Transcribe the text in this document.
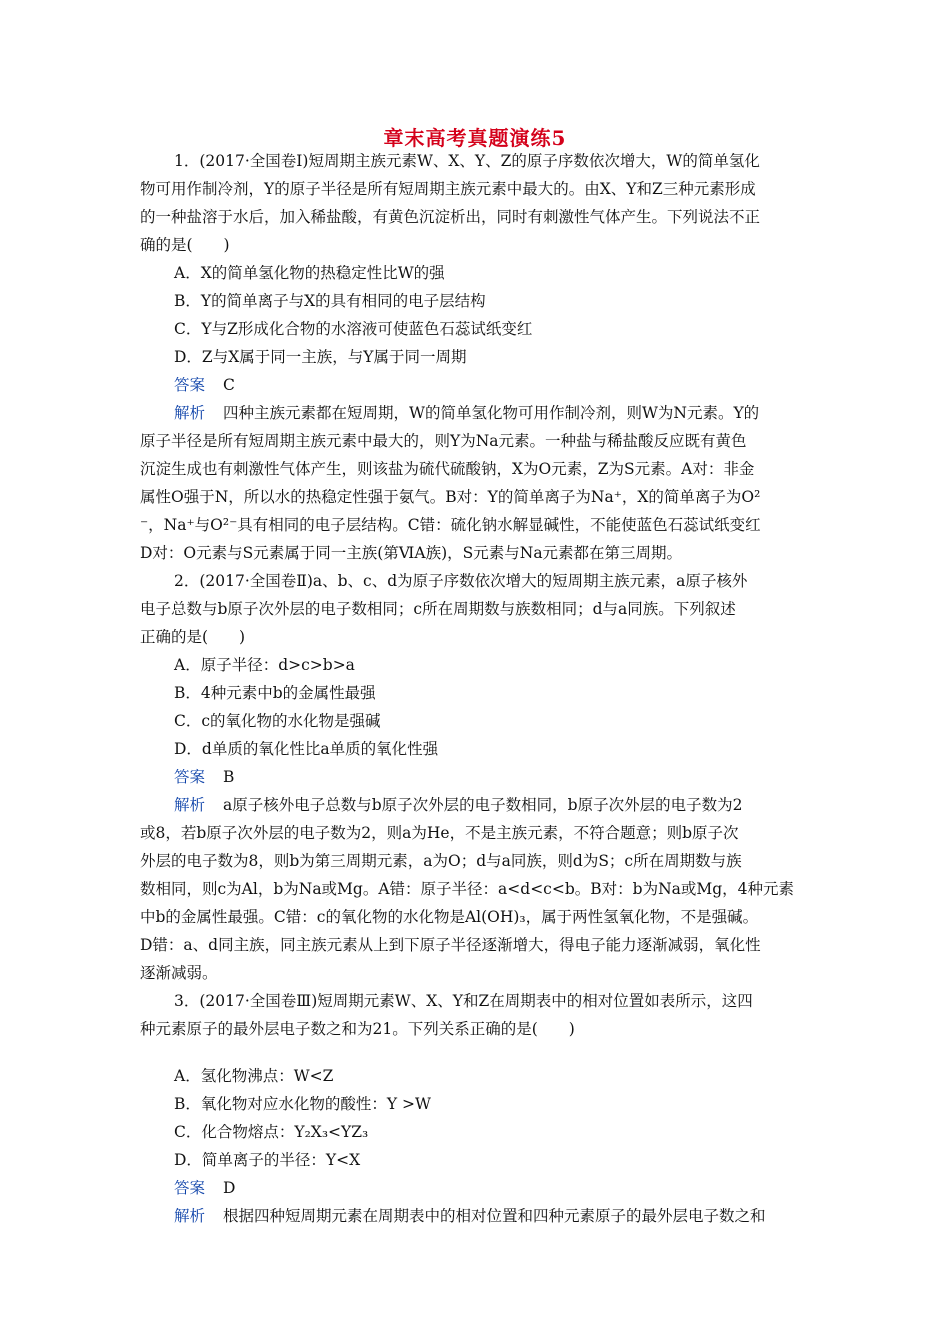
章末高考真题演练5
1．(2017·全国卷Ⅰ)短周期主族元素W、X、Y、Z的原子序数依次增大，W的简单氢化
物可用作制冷剂，Y的原子半径是所有短周期主族元素中最大的。由X、Y和Z三种元素形成
的一种盐溶于水后，加入稀盐酸，有黄色沉淀析出，同时有刺激性气体产生。下列说法不正
确的是(　　)
A．X的简单氢化物的热稳定性比W的强
B．Y的简单离子与X的具有相同的电子层结构
C．Y与Z形成化合物的水溶液可使蓝色石蕊试纸变红
D．Z与X属于同一主族，与Y属于同一周期
答案 C
解析 四种主族元素都在短周期，W的简单氢化物可用作制冷剂，则W为N元素。Y的
原子半径是所有短周期主族元素中最大的，则Y为Na元素。一种盐与稀盐酸反应既有黄色
沉淀生成也有刺激性气体产生，则该盐为硫代硫酸钠，X为O元素，Z为S元素。A对：非金
属性O强于N，所以水的热稳定性强于氨气。B对：Y的简单离子为Na⁺，X的简单离子为O²
⁻，Na⁺与O²⁻具有相同的电子层结构。C错：硫化钠水解显碱性，不能使蓝色石蕊试纸变红
D对：O元素与S元素属于同一主族(第ⅥA族)，S元素与Na元素都在第三周期。
2．(2017·全国卷Ⅱ)a、b、c、d为原子序数依次增大的短周期主族元素，a原子核外
电子总数与b原子次外层的电子数相同；c所在周期数与族数相同；d与a同族。下列叙述
正确的是(　　)
A．原子半径：d>c>b>a
B．4种元素中b的金属性最强
C．c的氧化物的水化物是强碱
D．d单质的氧化性比a单质的氧化性强
答案 B
解析 a原子核外电子总数与b原子次外层的电子数相同，b原子次外层的电子数为2
或8，若b原子次外层的电子数为2，则a为He，不是主族元素，不符合题意；则b原子次
外层的电子数为8，则b为第三周期元素，a为O；d与a同族，则d为S；c所在周期数与族
数相同，则c为Al，b为Na或Mg。A错：原子半径：a<d<c<b。B对：b为Na或Mg，4种元素
中b的金属性最强。C错：c的氧化物的水化物是Al(OH)₃，属于两性氢氧化物，不是强碱。
D错：a、d同主族，同主族元素从上到下原子半径逐渐增大，得电子能力逐渐减弱，氧化性
逐渐减弱。
3．(2017·全国卷Ⅲ)短周期元素W、X、Y和Z在周期表中的相对位置如表所示，这四
种元素原子的最外层电子数之和为21。下列关系正确的是(　　)
A．氢化物沸点：W<Z
B．氧化物对应水化物的酸性：Y >W
C．化合物熔点：Y₂X₃<YZ₃
D．简单离子的半径：Y<X
答案 D
解析 根据四种短周期元素在周期表中的相对位置和四种元素原子的最外层电子数之和
